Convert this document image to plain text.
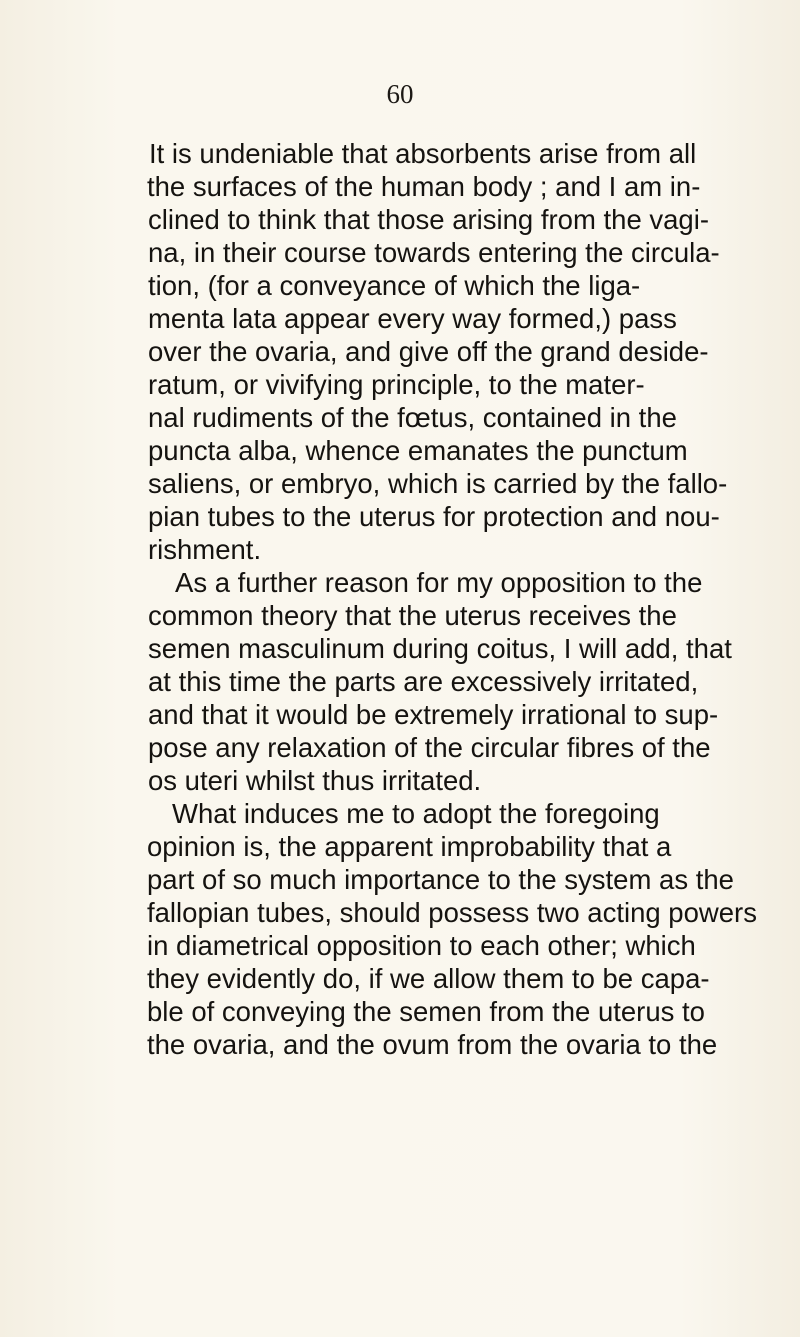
60
It is undeniable that absorbents arise from all
the surfaces of the human body ; and I am in-
clined to think that those arising from the vagi-
na, in their course towards entering the circula-
tion, (for a conveyance of which the liga-
menta lata appear every way formed,) pass
over the ovaria, and give off the grand deside-
ratum, or vivifying principle, to the mater-
nal rudiments of the fœtus, contained in the
puncta alba, whence emanates the punctum
saliens, or embryo, which is carried by the fallo-
pian tubes to the uterus for protection and nou-
rishment.
As a further reason for my opposition to the
common theory that the uterus receives the
semen masculinum during coitus, I will add, that
at this time the parts are excessively irritated,
and that it would be extremely irrational to sup-
pose any relaxation of the circular fibres of the
os uteri whilst thus irritated.
What induces me to adopt the foregoing
opinion is, the apparent improbability that a
part of so much importance to the system as the
fallopian tubes, should possess two acting powers
in diametrical opposition to each other; which
they evidently do, if we allow them to be capa-
ble of conveying the semen from the uterus to
the ovaria, and the ovum from the ovaria to the
